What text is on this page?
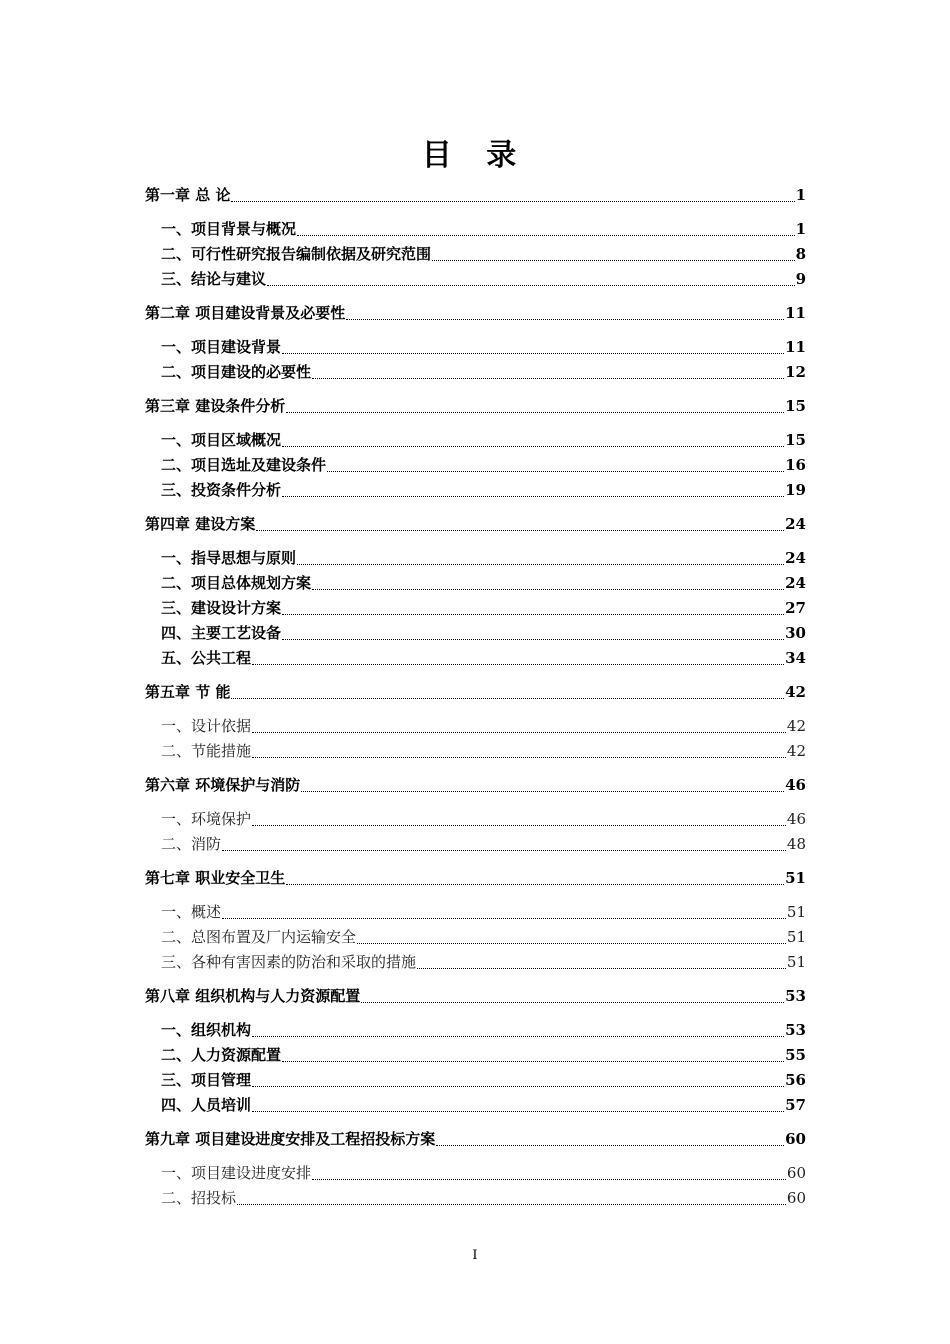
目 录
第一章 总 论	1
一、项目背景与概况	1
二、可行性研究报告编制依据及研究范围	8
三、结论与建议	9
第二章 项目建设背景及必要性	11
一、项目建设背景	11
二、项目建设的必要性	12
第三章 建设条件分析	15
一、项目区域概况	15
二、项目选址及建设条件	16
三、投资条件分析	19
第四章 建设方案	24
一、指导思想与原则	24
二、项目总体规划方案	24
三、建设设计方案	27
四、主要工艺设备	30
五、公共工程	34
第五章 节 能	42
一、设计依据	42
二、节能措施	42
第六章 环境保护与消防	46
一、环境保护	46
二、消防	48
第七章 职业安全卫生	51
一、概述	51
二、总图布置及厂内运输安全	51
三、各种有害因素的防治和采取的措施	51
第八章 组织机构与人力资源配置	53
一、组织机构	53
二、人力资源配置	55
三、项目管理	56
四、人员培训	57
第九章 项目建设进度安排及工程招投标方案	60
一、项目建设进度安排	60
二、招投标	60
I
